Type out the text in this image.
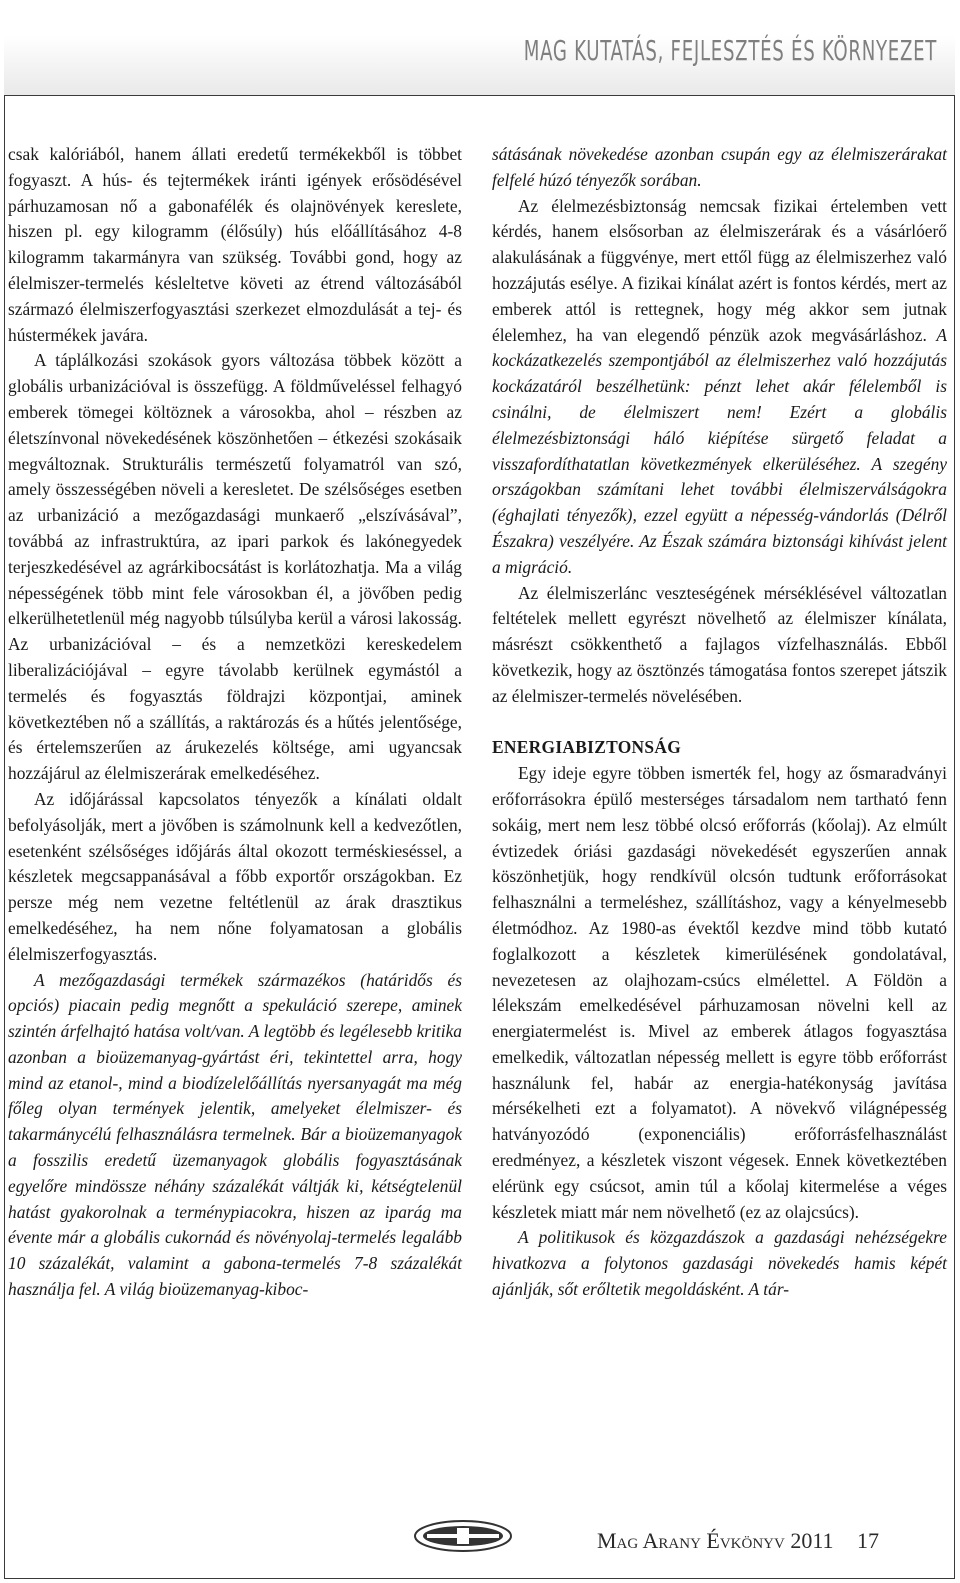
MAG KUTATÁS, FEJLESZTÉS ÉS KÖRNYEZET

csak kalóriából, hanem állati eredetű termékekből is többet fogyaszt. A hús- és tejtermékek iránti igények erősödésével párhuzamosan nő a gabonafélék és olajnövények kereslete, hiszen pl. egy kilogramm (élősúly) hús előállításához 4-8 kilogramm takarmányra van szükség. További gond, hogy az élelmiszer-termelés késleltetve követi az étrend változásából származó élelmiszerfogyasztási szerkezet elmozdulását a tej- és hústermékek javára.

A táplálkozási szokások gyors változása többek között a globális urbanizációval is összefügg. A földműveléssel felhagyó emberek tömegei költöznek a városokba, ahol – részben az életszínvonal növekedésének köszönhetően – étkezési szokásaik megváltoznak. Strukturális természetű folyamatról van szó, amely összességében növeli a keresletet. De szélsőséges esetben az urbanizáció a mezőgazdasági munkaerő „elszívásával”, továbbá az infrastruktúra, az ipari parkok és lakónegyedek terjeszkedésével az agrárkibocsátást is korlátozhatja. Ma a világ népességének több mint fele városokban él, a jövőben pedig elkerülhetetlenül még nagyobb túlsúlyba kerül a városi lakosság. Az urbanizációval – és a nemzetközi kereskedelem liberalizációjával – egyre távolabb kerülnek egymástól a termelés és fogyasztás földrajzi központjai, aminek következtében nő a szállítás, a raktározás és a hűtés jelentősége, és értelemszerűen az árukezelés költsége, ami ugyancsak hozzájárul az élelmiszerárak emelkedéséhez.

Az időjárással kapcsolatos tényezők a kínálati oldalt befolyásolják, mert a jövőben is számolnunk kell a kedvezőtlen, esetenként szélsőséges időjárás által okozott terméskieséssel, a készletek megcsappanásával a főbb exportőr országokban. Ez persze még nem vezetne feltétlenül az árak drasztikus emelkedéséhez, ha nem nőne folyamatosan a globális élelmiszerfogyasztás.

A mezőgazdasági termékek származékos (határidős és opciós) piacain pedig megnőtt a spekuláció szerepe, aminek szintén árfelhajtó hatása volt/van. A legtöbb és legélesebb kritika azonban a bioüzemanyag-gyártást éri, tekintettel arra, hogy mind az etanol-, mind a biodízelelőállítás nyersanyagát ma még főleg olyan termények jelentik, amelyeket élelmiszer- és takarmánycélú felhasználásra termelnek. Bár a bioüzemanyagok a fosszilis eredetű üzemanyagok globális fogyasztásának egyelőre mindössze néhány százalékát váltják ki, kétségtelenül hatást gyakorolnak a terménypiacokra, hiszen az iparág ma évente már a globális cukornád és növényolaj-termelés legalább 10 százalékát, valamint a gabona-termelés 7-8 százalékát használja fel. A világ bioüzemanyag-kiboc-

sátásának növekedése azonban csupán egy az élelmiszerárakat felfelé húzó tényezők sorában.

Az élelmezésbiztonság nemcsak fizikai értelemben vett kérdés, hanem elsősorban az élelmiszerárak és a vásárlóerő alakulásának a függvénye, mert ettől függ az élelmiszerhez való hozzájutás esélye. A fizikai kínálat azért is fontos kérdés, mert az emberek attól is rettegnek, hogy még akkor sem jutnak élelemhez, ha van elegendő pénzük azok megvásárláshoz. A kockázatkezelés szempontjából az élelmiszerhez való hozzájutás kockázatáról beszélhetünk: pénzt lehet akár félelemből is csinálni, de élelmiszert nem! Ezért a globális élelmezésbiztonsági háló kiépítése sürgető feladat a visszafordíthatatlan következmények elkerüléséhez. A szegény országokban számítani lehet további élelmiszerválságokra (éghajlati tényezők), ezzel együtt a népesség-vándorlás (Délről Északra) veszélyére. Az Észak számára biztonsági kihívást jelent a migráció.

Az élelmiszerlánc veszteségének mérséklésével változatlan feltételek mellett egyrészt növelhető az élelmiszer kínálata, másrészt csökkenthető a fajlagos vízfelhasználás. Ebből következik, hogy az ösztönzés támogatása fontos szerepet játszik az élelmiszer-termelés növelésében.

ENERGIABIZTONSÁG

Egy ideje egyre többen ismerték fel, hogy az ősmaradványi erőforrásokra épülő mesterséges társadalom nem tartható fenn sokáig, mert nem lesz többé olcsó erőforrás (kőolaj). Az elmúlt évtizedek óriási gazdasági növekedését egyszerűen annak köszönhetjük, hogy rendkívül olcsón tudtunk erőforrásokat felhasználni a termeléshez, szállításhoz, vagy a kényelmesebb életmódhoz. Az 1980-as évektől kezdve mind több kutató foglalkozott a készletek kimerülésének gondolatával, nevezetesen az olajhozam-csúcs elmélettel. A Földön a lélekszám emelkedésével párhuzamosan növelni kell az energiatermelést is. Mivel az emberek átlagos fogyasztása emelkedik, változatlan népesség mellett is egyre több erőforrást használunk fel, habár az energia-hatékonyság javítása mérsékelheti ezt a folyamatot). A növekvő világnépesség hatványozódó (exponenciális) erőforrásfelhasználást eredményez, a készletek viszont végesek. Ennek következtében elérünk egy csúcsot, amin túl a kőolaj kitermelése a véges készletek miatt már nem növelhető (ez az olajcsúcs).

A politikusok és közgazdászok a gazdasági nehézségekre hivatkozva a folytonos gazdasági növekedés hamis képét ajánlják, sőt erőltetik megoldásként. A tár-

Mag Arany Évkönyv 2011 17
